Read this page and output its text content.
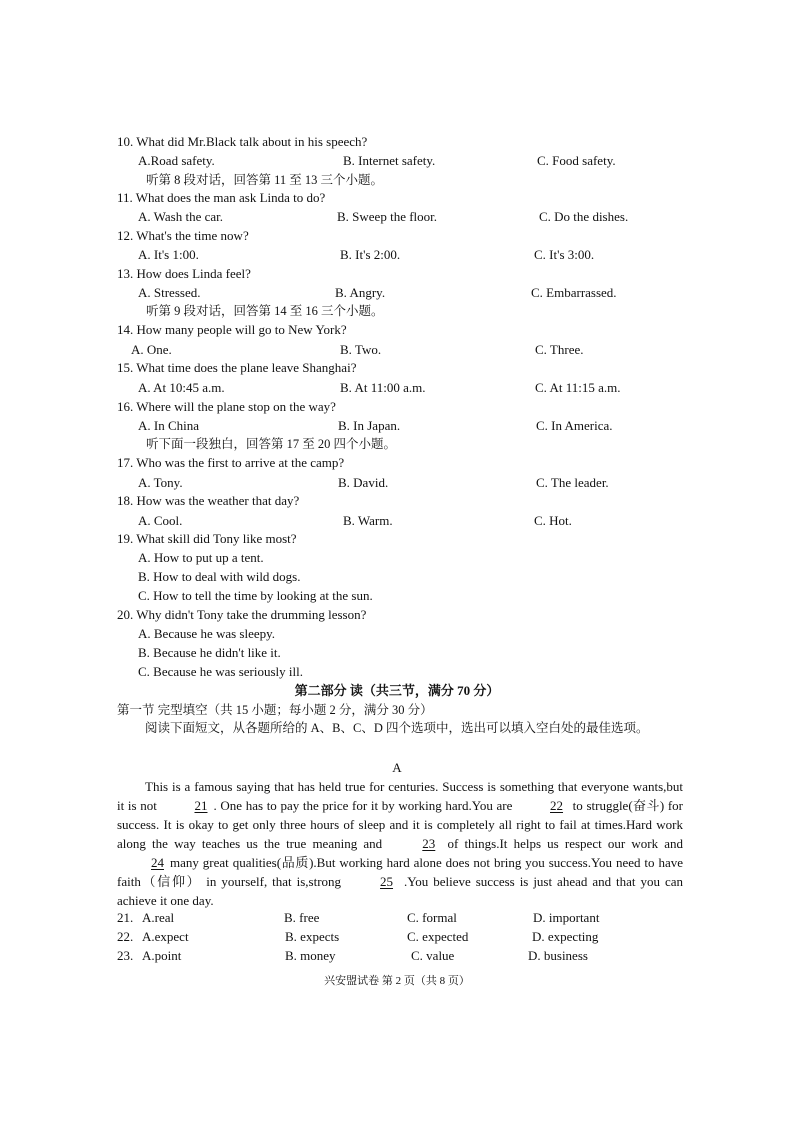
10. What did Mr.Black talk about in his speech?
A.Road safety.	B. Internet safety.	C. Food safety.
听第 8 段对话，回答第 11 至 13 三个小题。
11. What does the man ask Linda to do?
A. Wash the car.	B. Sweep the floor.	C. Do the dishes.
12. What's the time now?
A. It's 1:00.	B. It's 2:00.	C. It's 3:00.
13. How does Linda feel?
A. Stressed.	B. Angry.	C. Embarrassed.
听第 9 段对话，回答第 14 至 16 三个小题。
14. How many people will go to New York?
A. One.	B. Two.	C. Three.
15. What time does the plane leave Shanghai?
A. At 10:45 a.m.	B. At 11:00 a.m.	C. At 11:15 a.m.
16. Where will the plane stop on the way?
A. In China	B. In Japan.	C. In America.
听下面一段独白，回答第 17 至 20 四个小题。
17. Who was the first to arrive at the camp?
A. Tony.	B. David.	C. The leader.
18. How was the weather that day?
A. Cool.	B. Warm.	C. Hot.
19. What skill did Tony like most?
A. How to put up a tent.
B. How to deal with wild dogs.
C. How to tell the time by looking at the sun.
20. Why didn't Tony take the drumming lesson?
A. Because he was sleepy.
B. Because he didn't like it.
C. Because he was seriously ill.
第二部分 读（共三节，满分 70 分）
第一节 完型填空（共 15 小题；每小题 2 分，满分 30 分）
阅读下面短文，从各题所给的 A、B、C、D 四个选项中，选出可以填入空白处的最佳选项。
A
This is a famous saying that has held true for centuries. Success is something that everyone wants,but it is not	21 . One has to pay the price for it by working hard.You are	22 to struggle(奋斗) for success. It is okay to get only three hours of sleep and it is completely all right to fail at times.Hard work along the way teaches us the true meaning and	23 of things.It helps us respect our work and 24 many great qualities(品质).But working hard alone does not bring you success.You need to have faith（信仰） in yourself, that is,strong	25 .You believe success is just ahead and that you can achieve it one day.
21. A.real	B. free	C. formal	D. important
22. A.expect	B. expects	C. expected	D. expecting
23. A.point	B. money	C. value	D. business
兴安盟试卷 第 2 页（共 8 页）
